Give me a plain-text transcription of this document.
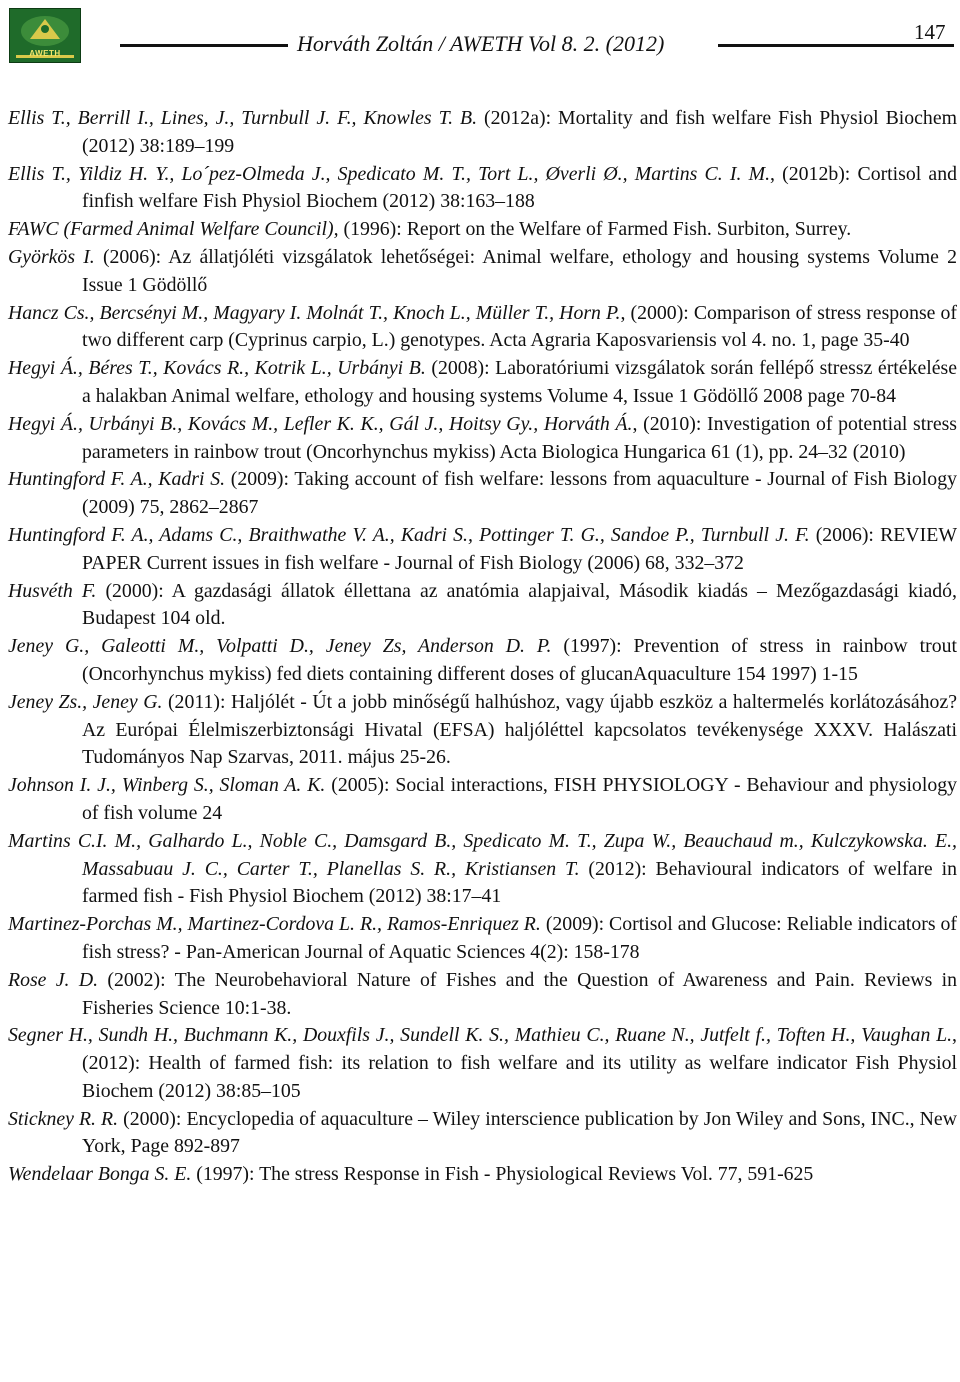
AWETH	Horváth Zoltán / AWETH Vol 8. 2. (2012)	147
Ellis T., Berrill I., Lines, J., Turnbull J. F., Knowles T. B. (2012a): Mortality and fish welfare Fish Physiol Biochem (2012) 38:189–199
Ellis T., Yildiz H. Y., Lo´pez-Olmeda J., Spedicato M. T., Tort L., Øverli Ø., Martins C. I. M., (2012b): Cortisol and finfish welfare Fish Physiol Biochem (2012) 38:163–188
FAWC (Farmed Animal Welfare Council), (1996): Report on the Welfare of Farmed Fish. Surbiton, Surrey.
Györkös I. (2006): Az állatjóléti vizsgálatok lehetőségei: Animal welfare, ethology and housing systems Volume 2 Issue 1 Gödöllő
Hancz Cs., Bercsényi M., Magyary I. Molnát T., Knoch L., Müller T., Horn P., (2000): Comparison of stress response of two different carp (Cyprinus carpio, L.) genotypes. Acta Agraria Kaposvariensis vol 4. no. 1, page 35-40
Hegyi Á., Béres T., Kovács R., Kotrik L., Urbányi B. (2008): Laboratóriumi vizsgálatok során fellépő stressz értékelése a halakban Animal welfare, ethology and housing systems Volume 4, Issue 1 Gödöllő 2008 page 70-84
Hegyi Á., Urbányi B., Kovács M., Lefler K. K., Gál J., Hoitsy Gy., Horváth Á., (2010): Investigation of potential stress parameters in rainbow trout (Oncorhynchus mykiss) Acta Biologica Hungarica 61 (1), pp. 24–32 (2010)
Huntingford F. A., Kadri S. (2009): Taking account of fish welfare: lessons from aquaculture - Journal of Fish Biology (2009) 75, 2862–2867
Huntingford F. A., Adams C., Braithwathe V. A., Kadri S., Pottinger T. G., Sandoe P., Turnbull J. F. (2006): REVIEW PAPER Current issues in fish welfare - Journal of Fish Biology (2006) 68, 332–372
Husvéth F. (2000): A gazdasági állatok éllettana az anatómia alapjaival, Második kiadás – Mezőgazdasági kiadó, Budapest 104 old.
Jeney G., Galeotti M., Volpatti D., Jeney Zs, Anderson D. P. (1997): Prevention of stress in rainbow trout (Oncorhynchus mykiss) fed diets containing different doses of glucanAquaculture 154 1997) 1-15
Jeney Zs., Jeney G. (2011): Haljólét - Út a jobb minőségű halhúshoz, vagy újabb eszköz a haltermelés korlátozásához? Az Európai Élelmiszerbiztonsági Hivatal (EFSA) haljóléttel kapcsolatos tevékenysége XXXV. Halászati Tudományos Nap Szarvas, 2011. május 25-26.
Johnson I. J., Winberg S., Sloman A. K. (2005): Social interactions, FISH PHYSIOLOGY - Behaviour and physiology of fish volume 24
Martins C.I. M., Galhardo L., Noble C., Damsgard B., Spedicato M. T., Zupa W., Beauchaud m., Kulczykowska. E., Massabuau J. C., Carter T., Planellas S. R., Kristiansen T. (2012): Behavioural indicators of welfare in farmed fish - Fish Physiol Biochem (2012) 38:17–41
Martinez-Porchas M., Martinez-Cordova L. R., Ramos-Enriquez R. (2009): Cortisol and Glucose: Reliable indicators of fish stress? - Pan-American Journal of Aquatic Sciences 4(2): 158-178
Rose J. D. (2002): The Neurobehavioral Nature of Fishes and the Question of Awareness and Pain. Reviews in Fisheries Science 10:1-38.
Segner H., Sundh H., Buchmann K., Douxfils J., Sundell K. S., Mathieu C., Ruane N., Jutfelt f., Toften H., Vaughan L., (2012): Health of farmed fish: its relation to fish welfare and its utility as welfare indicator Fish Physiol Biochem (2012) 38:85–105
Stickney R. R. (2000): Encyclopedia of aquaculture – Wiley interscience publication by Jon Wiley and Sons, INC., New York, Page 892-897
Wendelaar Bonga S. E. (1997): The stress Response in Fish - Physiological Reviews Vol. 77, 591-625
